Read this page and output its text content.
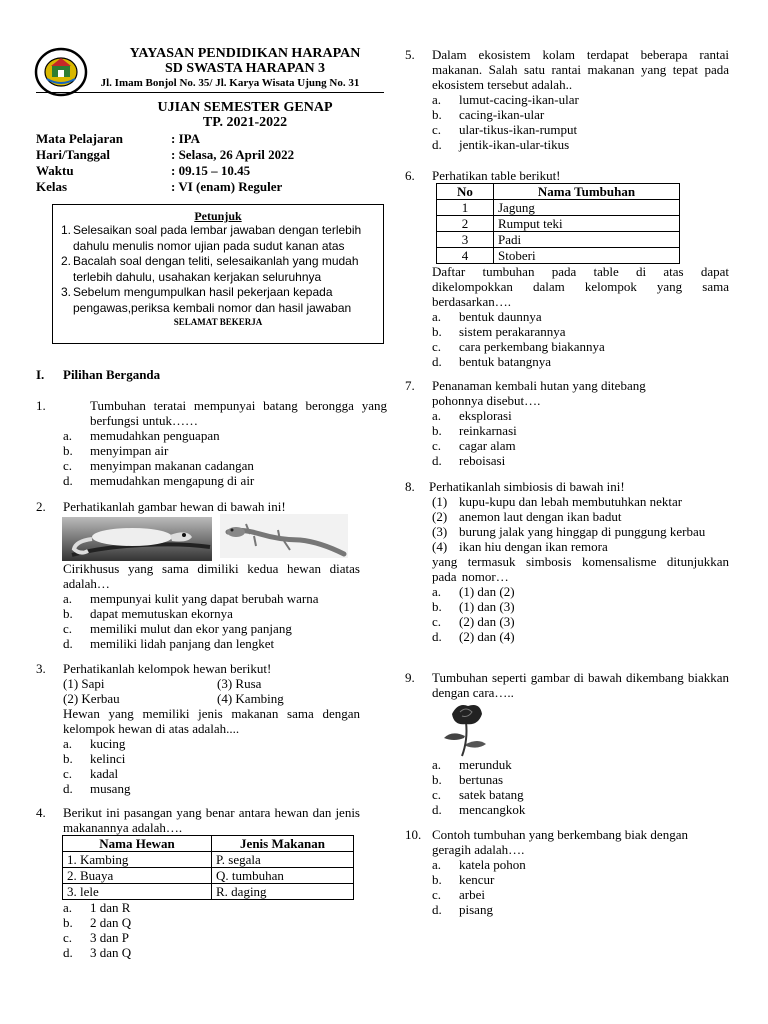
YAYASAN PENDIDIKAN HARAPAN
SD SWASTA HARAPAN 3
Jl. Imam Bonjol No. 35/ Jl. Karya Wisata Ujung No. 31
UJIAN SEMESTER GENAP
TP. 2021-2022
Mata Pelajaran	: IPA
Hari/Tanggal	: Selasa, 26 April 2022
Waktu	: 09.15 – 10.45
Kelas	: VI (enam) Reguler
Petunjuk
1. Selesaikan soal pada lembar jawaban dengan terlebih dahulu menulis nomor ujian pada sudut kanan atas
2. Bacalah soal dengan teliti, selesaikanlah yang mudah terlebih dahulu, usahakan kerjakan seluruhnya
3. Sebelum mengumpulkan hasil pekerjaan kepada pengawas,periksa kembali nomor dan hasil jawaban
SELAMAT BEKERJA
I. Pilihan Berganda
1.	Tumbuhan teratai mempunyai batang berongga yang berfungsi untuk……
a. memudahkan penguapan
b. menyimpan air
c. menyimpan makanan cadangan
d. memudahkan mengapung di air
2. Perhatikanlah gambar hewan di bawah ini!
Cirikhusus yang sama dimiliki kedua hewan diatas adalah…
a. mempunyai kulit yang dapat berubah warna
b. dapat memutuskan ekornya
c. memiliki mulut dan ekor yang panjang
d. memiliki lidah panjang dan lengket
3. Perhatikanlah kelompok hewan berikut!
(1) Sapi	(3) Rusa
(2) Kerbau	(4) Kambing
Hewan yang memiliki jenis makanan sama dengan kelompok hewan di atas adalah....
a. kucing
b. kelinci
c. kadal
d. musang
4. Berikut ini pasangan yang benar antara hewan dan jenis makanannya adalah….
Nama Hewan	Jenis Makanan
1. Kambing	P. segala
2. Buaya	Q. tumbuhan
3. lele	R. daging
a. 1 dan R
b. 2 dan Q
c. 3 dan P
d. 3 dan Q
5. Dalam ekosistem kolam terdapat beberapa rantai makanan. Salah satu rantai makanan yang tepat pada ekosistem tersebut adalah..
a. lumut-cacing-ikan-ular
b. cacing-ikan-ular
c. ular-tikus-ikan-rumput
d. jentik-ikan-ular-tikus
6. Perhatikan table berikut!
No	Nama Tumbuhan
1	Jagung
2	Rumput teki
3	Padi
4	Stoberi
Daftar tumbuhan pada table di atas dapat dikelompokkan dalam kelompok yang sama berdasarkan….
a. bentuk daunnya
b. sistem perakarannya
c. cara perkembang biakannya
d. bentuk batangnya
7. Penanaman kembali hutan yang ditebang pohonnya disebut….
a. eksplorasi
b. reinkarnasi
c. cagar alam
d. reboisasi
8. Perhatikanlah simbiosis di bawah ini!
(1) kupu-kupu dan lebah membutuhkan nektar
(2) anemon laut dengan ikan badut
(3) burung jalak yang hinggap di punggung kerbau
(4) ikan hiu dengan ikan remora
yang termasuk simbosis komensalisme ditunjukkan pada nomor…
a. (1) dan (2)
b. (1) dan (3)
c. (2) dan (3)
d. (2) dan (4)
9. Tumbuhan seperti gambar di bawah dikembang biakkan dengan cara…..
a. merunduk
b. bertunas
c. satek batang
d. mencangkok
10. Contoh tumbuhan yang berkembang biak dengan geragih adalah….
a. katela pohon
b. kencur
c. arbei
d. pisang
